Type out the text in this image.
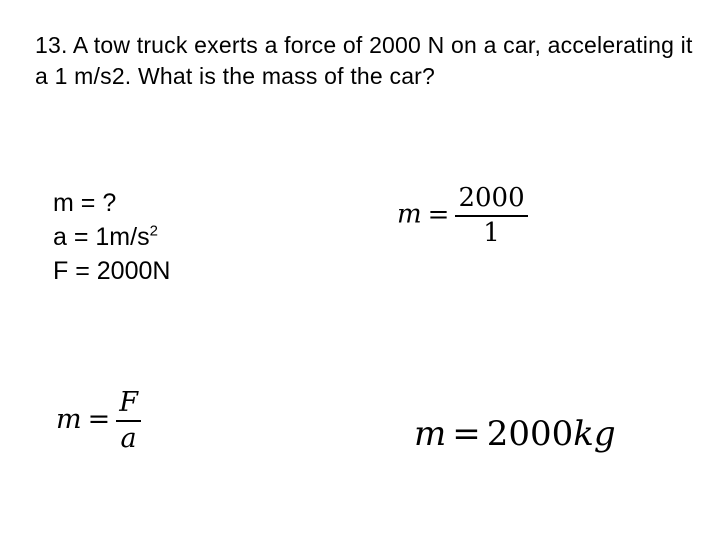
13. A tow truck exerts a force of 2000 N on a car, accelerating it a 1 m/s2. What is the mass of the car?

m = ?
$a = 1m/s^2$
F = 2000N
$m = \frac{F}{a}$
$m = \frac{2000}{1}$
m = 2000kg
